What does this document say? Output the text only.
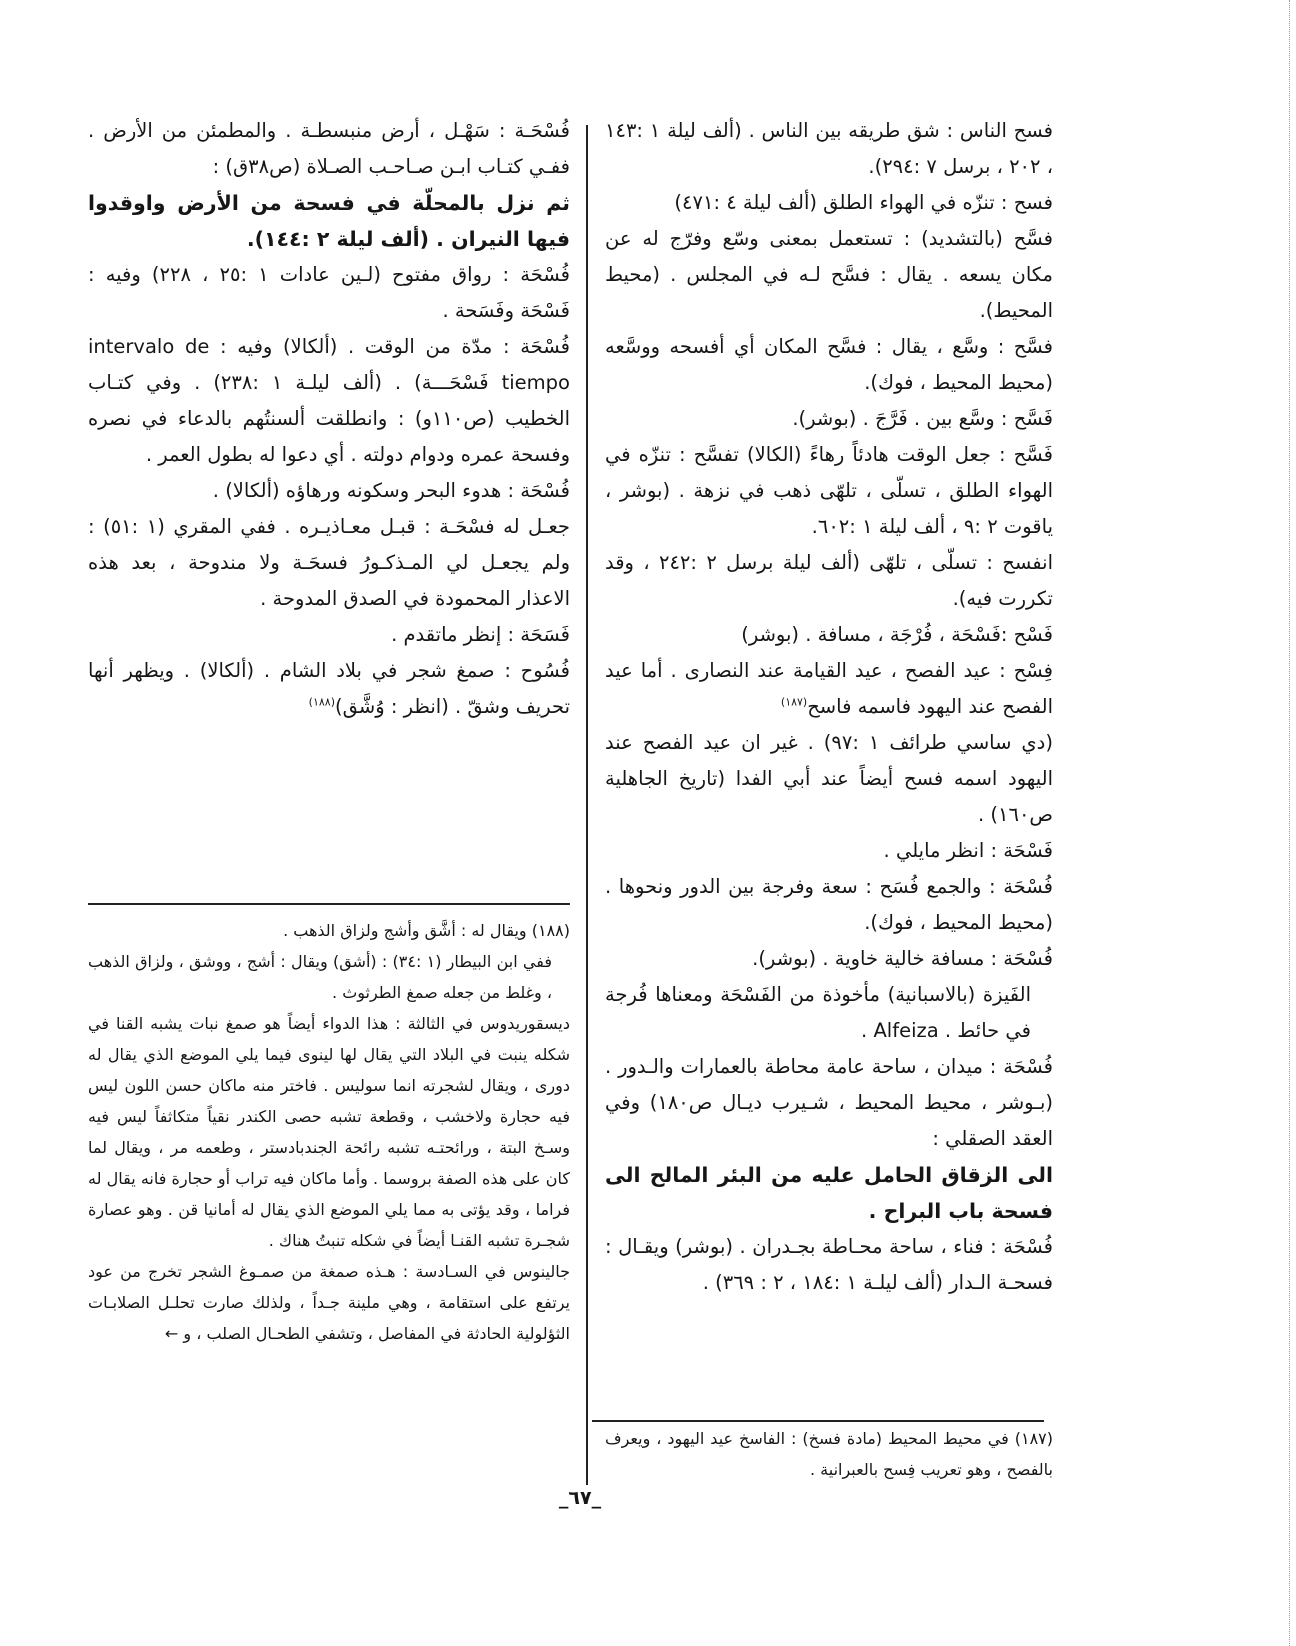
فسح الناس : شق طريقه بين الناس . (ألف ليلة ١ :١٤٣ ، ٢٠٢ ، برسل ٧ :٢٩٤).

فسح : تنزّه في الهواء الطلق (ألف ليلة ٤ :٤٧١)

فسَّح (بالتشديد) : تستعمل بمعنى وسّع وفرّج له عن مكان يسعه . يقال : فسَّح لـه في المجلس . (محيط المحيط).

فسَّح : وسَّع ، يقال : فسَّح المكان أي أفسحه ووسَّعه (محيط المحيط ، فوك).

فَسَّح : وسَّع بين . فَرَّجَ . (بوشر).

فَسَّح : جعل الوقت هادئاً رهاءً (الكالا) تفسَّح : تنزّه في الهواء الطلق ، تسلّى ، تلهّى ذهب في نزهة . (بوشر ، ياقوت ٢ :٩ ، ألف ليلة ١ :٦٠٢.

انفسح : تسلّى ، تلهّى (ألف ليلة برسل ٢ :٢٤٢ ، وقد تكررت فيه).

فَسْح :فَسْحَة ، فُرْجَة ، مسافة . (بوشر)

فِسْح : عيد الفصح ، عيد القيامة عند النصارى . أما عيد الفصح عند اليهود فاسمه فاسح$^{(١٨٧)}$

(دي ساسي طرائف ١ :٩٧) . غير ان عيد الفصح عند اليهود اسمه فسح أيضاً عند أبي الفدا (تاريخ الجاهلية ص١٦٠) .

فَسْحَة : انظر مايلي .

فُسْحَة : والجمع فُسَح : سعة وفرجة بين الدور ونحوها . (محيط المحيط ، فوك).

فُسْحَة : مسافة خالية خاوية . (بوشر).

الفَيزة (بالاسبانية) مأخوذة من الفَسْحَة ومعناها فُرجة في حائط . Alfeiza .

فُسْحَة : ميدان ، ساحة عامة محاطة بالعمارات والـدور . (بـوشر ، محيط المحيط ، شـيرب ديـال ص١٨٠) وفي العقد الصقلي :

الى الزقاق الحامل عليه من البئر المالح الى فسحة باب البراح .

فُسْحَة : فناء ، ساحة محـاطة بجـدران . (بوشر) ويقـال : فسحـة الـدار (ألف ليلـة ١ :١٨٤ ، ٢ : ٣٦٩) .

فُسْحَـة : سَهْـل ، أرض منبسطـة . والمطمئن من الأرض . ففـي كتـاب ابـن صـاحـب الصـلاة (ص٣٨ق) :

ثم نزل بالمحلّة في فسحة من الأرض واوقدوا فيها النيران . (ألف ليلة ٢ :١٤٤).

فُسْحَة : رواق مفتوح (لـين عادات ١ :٢٥ ، ٢٢٨) وفيه : فَسْحَة وفَسَحة .

فُسْحَة : مدّة من الوقت . (ألكالا) وفيه : intervalo de tiempo فَسْحَـــة) . (ألف ليلـة ١ :٢٣٨) . وفي كتـاب الخطيب (ص١١٠و) : وانطلقت ألسنتُهم بالدعاء في نصره وفسحة عمره ودوام دولته . أي دعوا له بطول العمر .

فُسْحَة : هدوء البحر وسكونه ورهاؤه (ألكالا) .

جعـل له فسْحَـة : قبـل معـاذيـره . ففي المقري (١ :٥١) : ولم يجعـل لي المـذكـورُ فسحَـة ولا مندوحة ، بعد هذه الاعذار المحمودة في الصدق المدوحة .

فَسَحَة : إنظر ماتقدم .

فُسُوح : صمغ شجر في بلاد الشام . (ألكالا) . ويظهر أنها تحريف وشقّ . (انظر : وُشَّق)$^{(١٨٨)}$

(١٨٨) ويقال له : أشَّق وأشج ولزاق الذهب .

ففي ابن البيطار (١ :٣٤) : (أشق) ويقال : أشج ، ووشق ، ولزاق الذهب ، وغلط من جعله صمغ الطرثوث .

ديسقوريدوس في الثالثة : هذا الدواء أيضاً هو صمغ نبات يشبه القنا في شكله ينبت في البلاد التي يقال لها لينوى فيما يلي الموضع الذي يقال له دورى ، ويقال لشجرته انما سوليس . فاختر منه ماكان حسن اللون ليس فيه حجارة ولاخشب ، وقطعة تشبه حصى الكندر نقياً متكاثفاً ليس فيه وسـخ البتة ، ورائحتـه تشبه رائحة الجندبادستر ، وطعمه مر ، ويقال لما كان على هذه الصفة بروسما . وأما ماكان فيه تراب أو حجارة فانه يقال له فراما ، وقد يؤتى به مما يلي الموضع الذي يقال له أمانيا قن . وهو عصارة شجـرة تشبه القنـا أيضاً في شكله تنبتُ هناك .

جالينوس في السـادسة : هـذه صمغة من صمـوغ الشجر تخرج من عود يرتفع على استقامة ، وهي ملينة جـداً ، ولذلك صارت تحلـل الصلابـات الثؤلولية الحادثة في المفاصل ، وتشفي الطحـال الصلب ، و ←

(١٨٧) في محيط المحيط (مادة فسخ) : الفاسخ عيد اليهود ، ويعرف بالفصح ، وهو تعريب فِسح بالعبرانية .

_٦٧_
